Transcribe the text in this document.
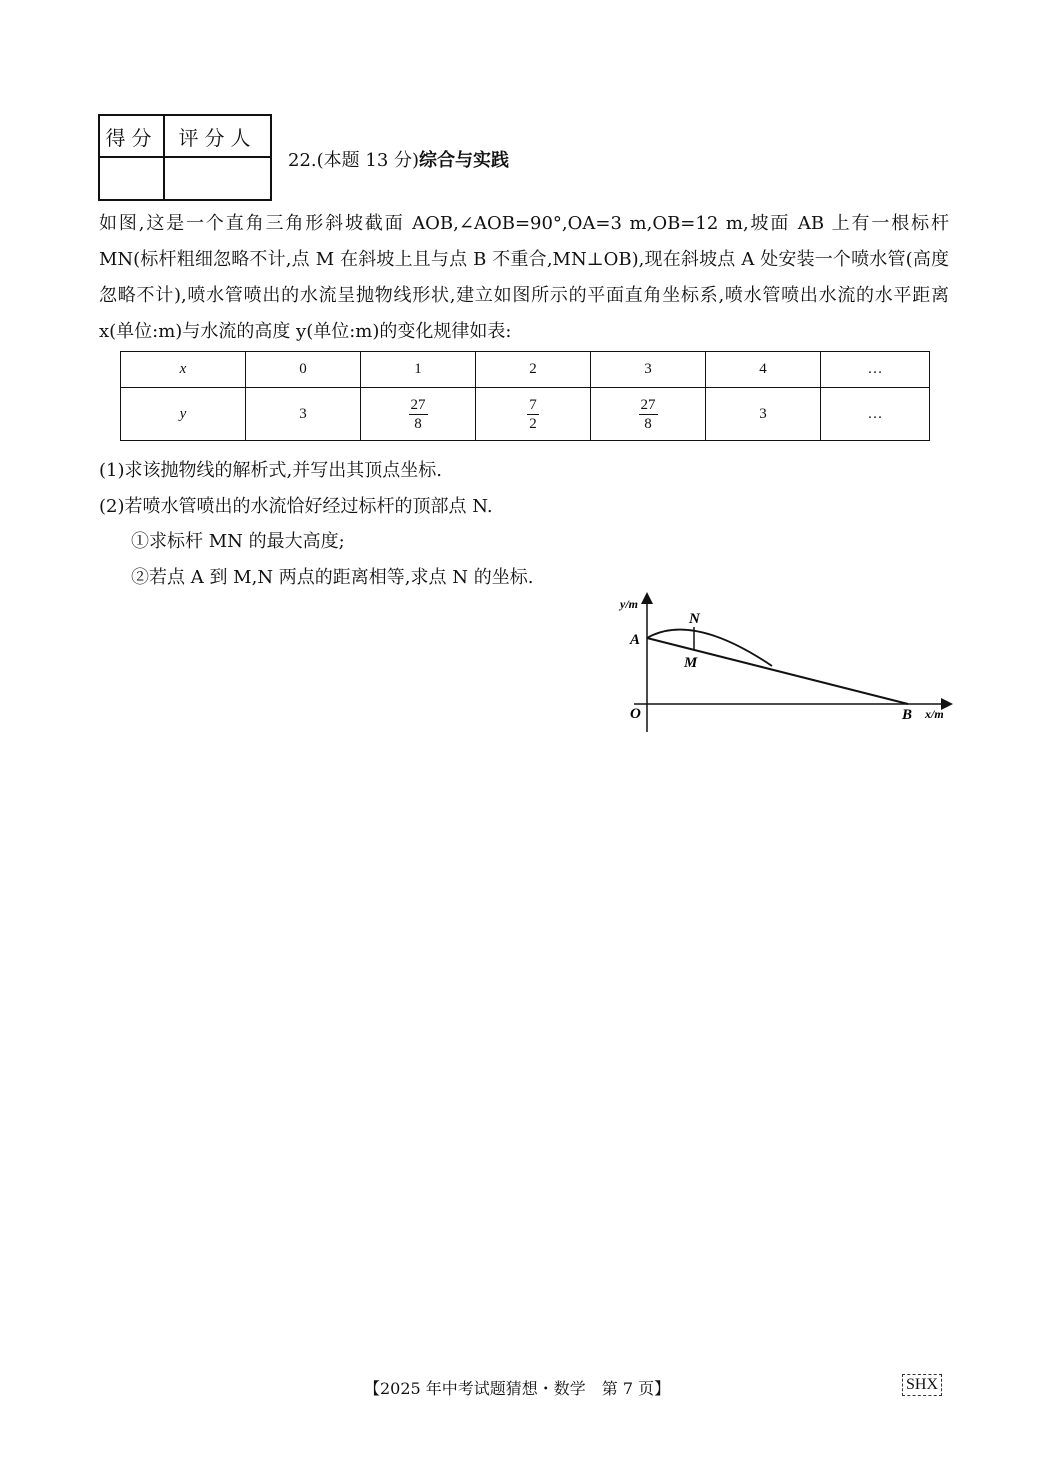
得分	评分人

22.(本题 13 分)综合与实践
如图,这是一个直角三角形斜坡截面 AOB,∠AOB=90°,OA=3 m,OB=12 m,坡面 AB 上有一根标杆 MN(标杆粗细忽略不计,点 M 在斜坡上且与点 B 不重合,MN⊥OB),现在斜坡点 A 处安装一个喷水管(高度忽略不计),喷水管喷出的水流呈抛物线形状,建立如图所示的平面直角坐标系,喷水管喷出水流的水平距离 x(单位:m)与水流的高度 y(单位:m)的变化规律如表:
x	0	1	2	3	4	…
y	3	$\frac{27}{8}$	$\frac{7}{2}$	$\frac{27}{8}$	3	…
(1)求该抛物线的解析式,并写出其顶点坐标.
(2)若喷水管喷出的水流恰好经过标杆的顶部点 N.
①求标杆 MN 的最大高度;
②若点 A 到 M,N 两点的距离相等,求点 N 的坐标.
y/m
x/m
A
O	B
N
M
【2025 年中考试题猜想・数学　第 7 页】	SHX
